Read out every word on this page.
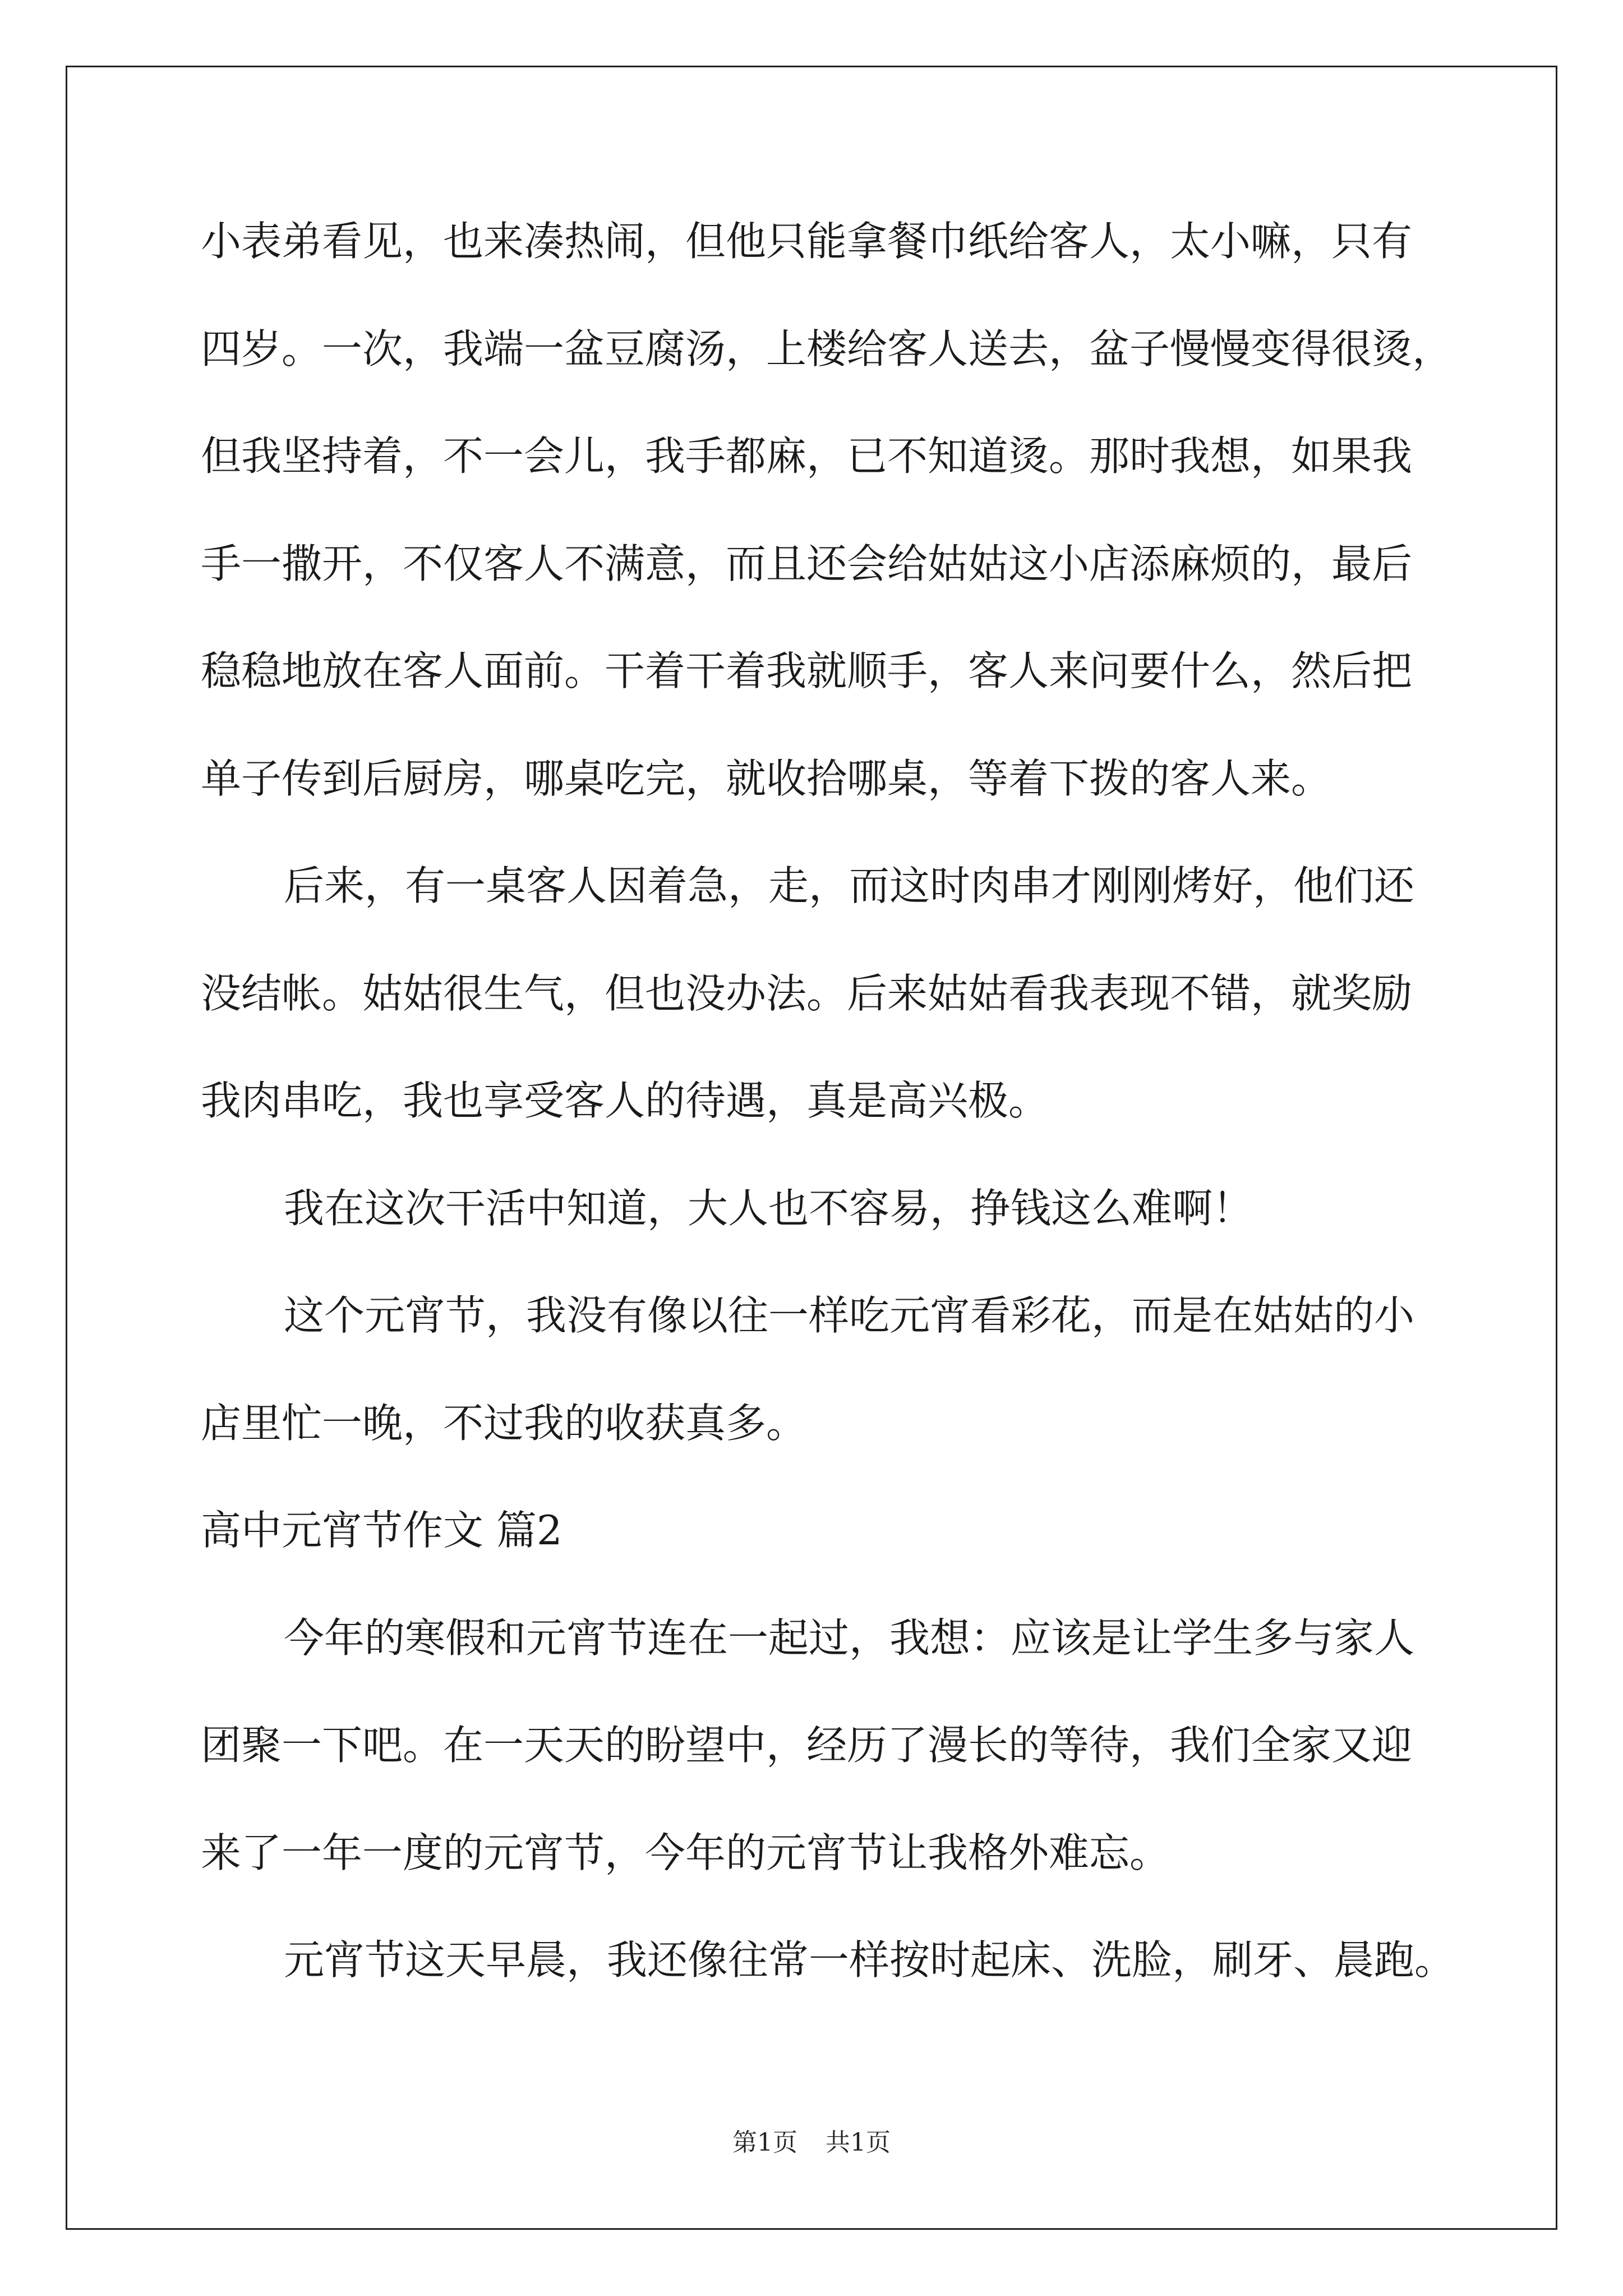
小表弟看见，也来凑热闹，但他只能拿餐巾纸给客人，太小嘛，只有
四岁。一次，我端一盆豆腐汤，上楼给客人送去，盆子慢慢变得很烫，
但我坚持着，不一会儿，我手都麻，已不知道烫。那时我想，如果我
手一撒开，不仅客人不满意，而且还会给姑姑这小店添麻烦的，最后
稳稳地放在客人面前。干着干着我就顺手，客人来问要什么，然后把
单子传到后厨房，哪桌吃完，就收拾哪桌，等着下拨的客人来。
后来，有一桌客人因着急，走，而这时肉串才刚刚烤好，他们还
没结帐。姑姑很生气，但也没办法。后来姑姑看我表现不错，就奖励
我肉串吃，我也享受客人的待遇，真是高兴极。
我在这次干活中知道，大人也不容易，挣钱这么难啊！
这个元宵节，我没有像以往一样吃元宵看彩花，而是在姑姑的小
店里忙一晚，不过我的收获真多。
高中元宵节作文 篇2
今年的寒假和元宵节连在一起过，我想：应该是让学生多与家人
团聚一下吧。在一天天的盼望中，经历了漫长的等待，我们全家又迎
来了一年一度的元宵节，今年的元宵节让我格外难忘。
元宵节这天早晨，我还像往常一样按时起床、洗脸，刷牙、晨跑。
第1页 共1页
